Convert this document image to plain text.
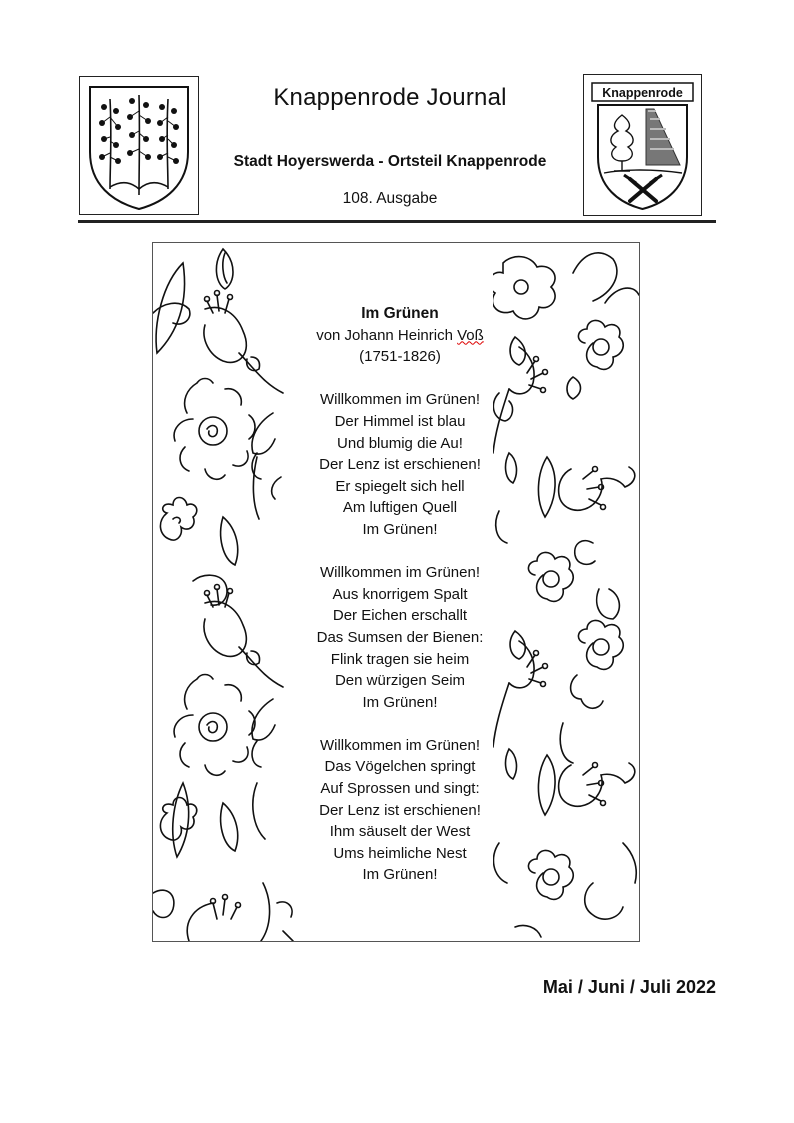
Knappenrode Journal
Stadt Hoyerswerda - Ortsteil Knappenrode
108. Ausgabe
Knappenrode
Im Grünen
von Johann Heinrich Voß
(1751-1826)
Willkommen im Grünen!
Der Himmel ist blau
Und blumig die Au!
Der Lenz ist erschienen!
Er spiegelt sich hell
Am luftigen Quell
Im Grünen!
Willkommen im Grünen!
Aus knorrigem Spalt
Der Eichen erschallt
Das Sumsen der Bienen:
Flink tragen sie heim
Den würzigen Seim
Im Grünen!
Willkommen im Grünen!
Das Vögelchen springt
Auf Sprossen und singt:
Der Lenz ist erschienen!
Ihm säuselt der West
Ums heimliche Nest
Im Grünen!
Mai / Juni / Juli 2022
